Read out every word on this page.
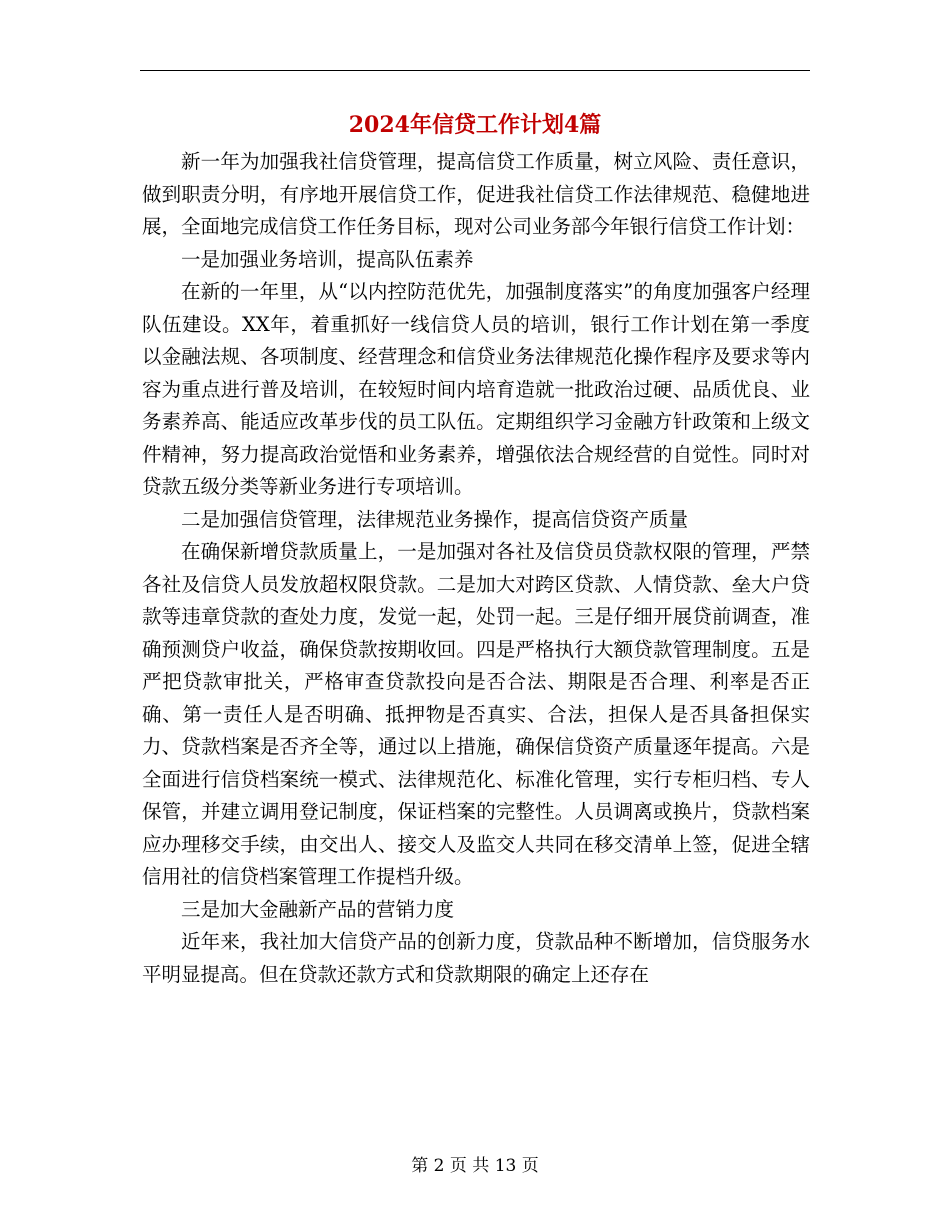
2024年信贷工作计划4篇

新一年为加强我社信贷管理，提高信贷工作质量，树立风险、责任意识，做到职责分明，有序地开展信贷工作，促进我社信贷工作法律规范、稳健地进展，全面地完成信贷工作任务目标，现对公司业务部今年银行信贷工作计划：

一是加强业务培训，提高队伍素养

在新的一年里，从“以内控防范优先，加强制度落实”的角度加强客户经理队伍建设。XX年，着重抓好一线信贷人员的培训，银行工作计划在第一季度以金融法规、各项制度、经营理念和信贷业务法律规范化操作程序及要求等内容为重点进行普及培训，在较短时间内培育造就一批政治过硬、品质优良、业务素养高、能适应改革步伐的员工队伍。定期组织学习金融方针政策和上级文件精神，努力提高政治觉悟和业务素养，增强依法合规经营的自觉性。同时对贷款五级分类等新业务进行专项培训。

二是加强信贷管理，法律规范业务操作，提高信贷资产质量

在确保新增贷款质量上，一是加强对各社及信贷员贷款权限的管理，严禁各社及信贷人员发放超权限贷款。二是加大对跨区贷款、人情贷款、垒大户贷款等违章贷款的查处力度，发觉一起，处罚一起。三是仔细开展贷前调查，准确预测贷户收益，确保贷款按期收回。四是严格执行大额贷款管理制度。五是严把贷款审批关，严格审查贷款投向是否合法、期限是否合理、利率是否正确、第一责任人是否明确、抵押物是否真实、合法，担保人是否具备担保实力、贷款档案是否齐全等，通过以上措施，确保信贷资产质量逐年提高。六是全面进行信贷档案统一模式、法律规范化、标准化管理，实行专柜归档、专人保管，并建立调用登记制度，保证档案的完整性。人员调离或换片，贷款档案应办理移交手续，由交出人、接交人及监交人共同在移交清单上签，促进全辖信用社的信贷档案管理工作提档升级。

三是加大金融新产品的营销力度

近年来，我社加大信贷产品的创新力度，贷款品种不断增加，信贷服务水平明显提高。但在贷款还款方式和贷款期限的确定上还存在

第 2 页 共 13 页
